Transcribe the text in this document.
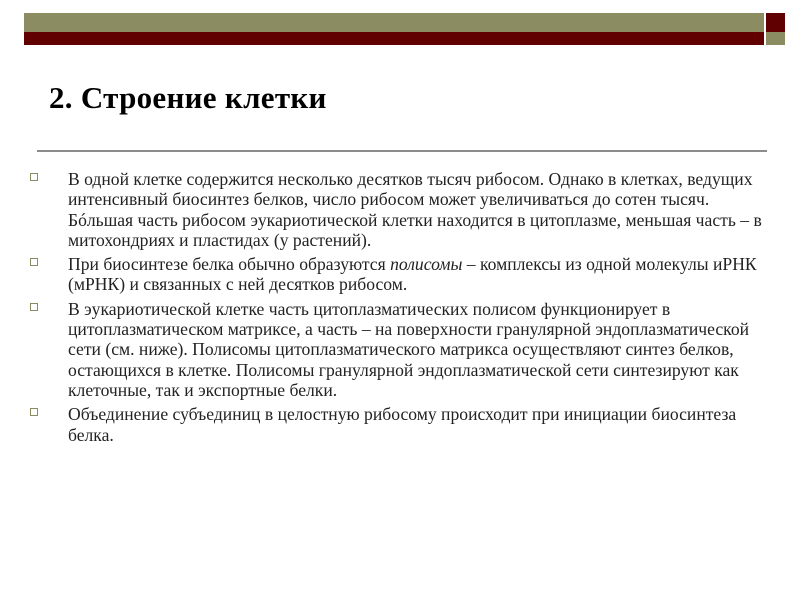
2. Строение клетки
В одной клетке содержится несколько десятков тысяч рибосом. Однако в клетках, ведущих интенсивный биосинтез белков, число рибосом может увеличиваться до сотен тысяч. Бóльшая часть рибосом эукариотической клетки находится в цитоплазме, меньшая часть – в митохондриях и пластидах (у растений).
При биосинтезе белка обычно образуются полисомы – комплексы из одной молекулы иРНК (мРНК) и связанных с ней десятков рибосом.
В эукариотической клетке часть цитоплазматических полисом функционирует в цитоплазматическом матриксе, а часть – на поверхности гранулярной эндоплазматической сети (см. ниже). Полисомы цитоплазматического матрикса осуществляют синтез белков, остающихся в клетке. Полисомы гранулярной эндоплазматической сети синтезируют как клеточные, так и экспортные белки.
Объединение субъединиц в целостную рибосому происходит при инициации биосинтеза белка.
